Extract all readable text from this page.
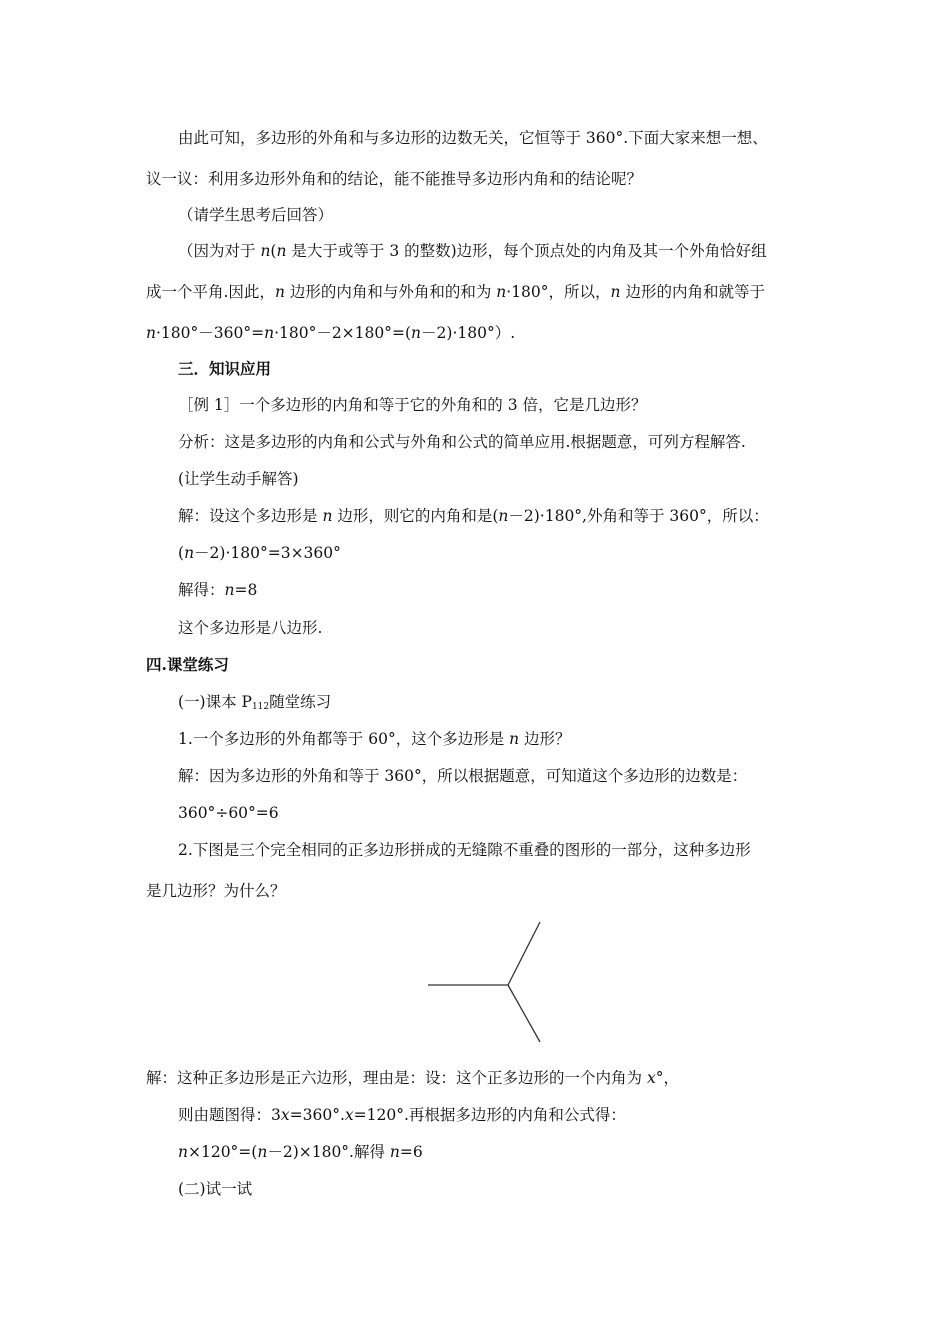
由此可知，多边形的外角和与多边形的边数无关，它恒等于 360°.下面大家来想一想、
议一议：利用多边形外角和的结论，能不能推导多边形内角和的结论呢？
（请学生思考后回答）
（因为对于 n(n 是大于或等于 3 的整数)边形，每个顶点处的内角及其一个外角恰好组
成一个平角.因此，n 边形的内角和与外角和的和为 n·180°，所以，n 边形的内角和就等于
n·180°－360°=n·180°－2×180°=(n－2)·180°）.
三．知识应用
［例 1］一个多边形的内角和等于它的外角和的 3 倍，它是几边形？
分析：这是多边形的内角和公式与外角和公式的简单应用.根据题意，可列方程解答.
(让学生动手解答)
解：设这个多边形是 n 边形，则它的内角和是(n－2)·180°,外角和等于 360°，所以：
(n－2)·180°=3×360°
解得：n=8
这个多边形是八边形.
四.课堂练习
(一)课本 $P_{112}$随堂练习
1.一个多边形的外角都等于 60°，这个多边形是 n 边形？
解：因为多边形的外角和等于 360°，所以根据题意，可知道这个多边形的边数是：
360°÷60°=6
2.下图是三个完全相同的正多边形拼成的无缝隙不重叠的图形的一部分，这种多边形
是几边形？为什么？
解：这种正多边形是正六边形，理由是：设：这个正多边形的一个内角为 x°，
则由题图得：3x=360°.x=120°.再根据多边形的内角和公式得：
n×120°=(n－2)×180°.解得 n=6
(二)试一试
